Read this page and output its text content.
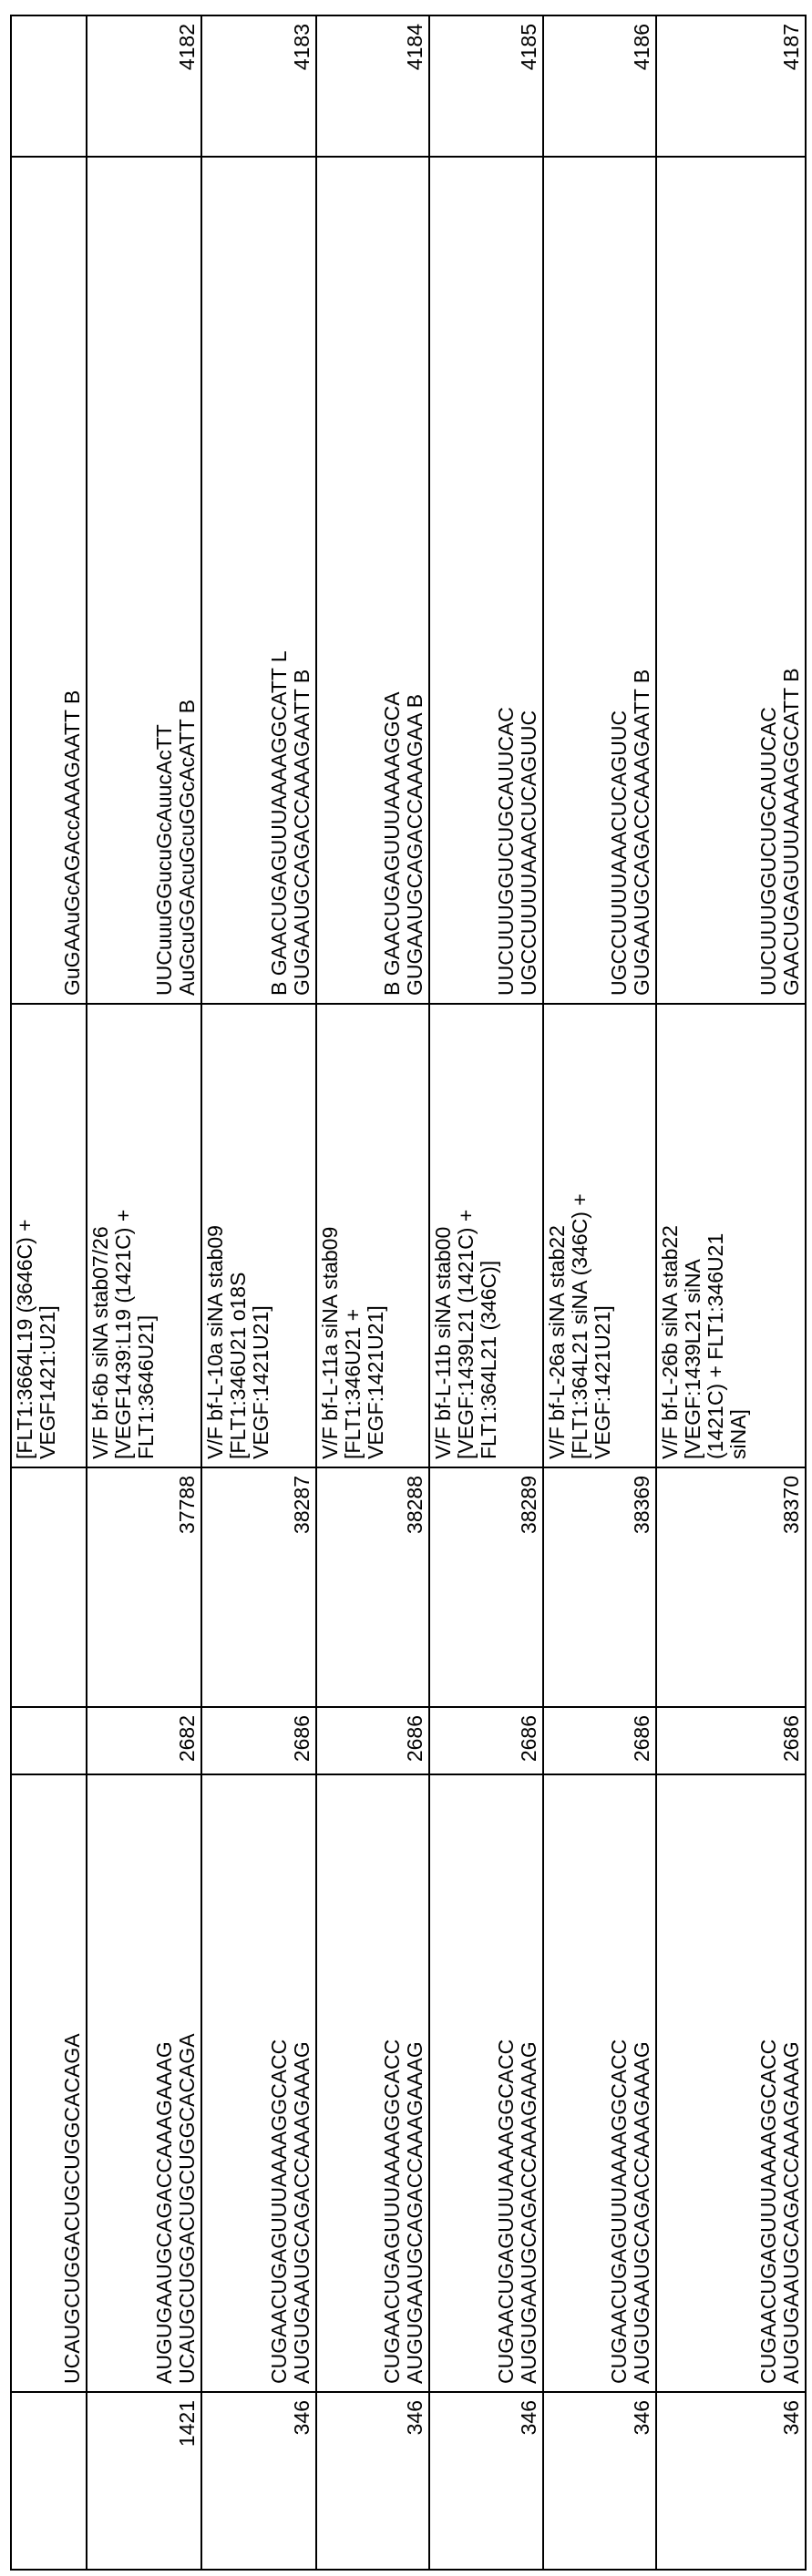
UCAUGCUGGACUGCUGGCACAGA

[FLT1:3664L19 (3646C) + VEGF1421:U21]

GuGAAuGcAGAccAAAGAATT B

1421	
AUGUGAAUGCAGACCAAAGAAAG UCAUGCUGGACUGCUGGCACAGA
	2682	37788	
V/F bf-6b siNA stab07/26 [VEGF1439:L19 (1421C) + FLT1:3646U21]

UUCuuuGGucuGcAuucAcTT AuGcuGGAcuGcuGGcAcATT B
	4182
346	
CUGAACUGAGUUUAAAAGGCACC AUGUGAAUGCAGACCAAAGAAAG
	2686	38287	
V/F bf-L-10a siNA stab09 [FLT1:346U21 o18S VEGF:1421U21]

B GAACUGAGUUUAAAAGGCATT L GUGAAUGCAGACCAAAGAATT B
	4183
346	
CUGAACUGAGUUUAAAAGGCACC AUGUGAAUGCAGACCAAAGAAAG
	2686	38288	
V/F bf-L-11a siNA stab09 [FLT1:346U21 + VEGF:1421U21]

B GAACUGAGUUUAAAAGGCA GUGAAUGCAGACCAAAGAA B
	4184
346	
CUGAACUGAGUUUAAAAGGCACC AUGUGAAUGCAGACCAAAGAAAG
	2686	38289	
V/F bf-L-11b siNA stab00 [VEGF:1439L21 (1421C) + FLT1:364L21 (346C)]

UUCUUUGGUCUGCAUUCAC UGCCUUUUAAACUCAGUUC
	4185
346	
CUGAACUGAGUUUAAAAGGCACC AUGUGAAUGCAGACCAAAGAAAG
	2686	38369	
V/F bf-L-26a siNA stab22 [FLT1:364L21 siNA (346C) + VEGF:1421U21]

UGCCUUUUAAACUCAGUUC GUGAAUGCAGACCAAAGAATT B
	4186
346	
CUGAACUGAGUUUAAAAGGCACC AUGUGAAUGCAGACCAAAGAAAG
	2686	38370	
V/F bf-L-26b siNA stab22 [VEGF:1439L21 siNA (1421C) + FLT1:346U21 siNA]

UUCUUUGGUCUGCAUUCAC GAACUGAGUUUAAAAGGCATT B
	4187
